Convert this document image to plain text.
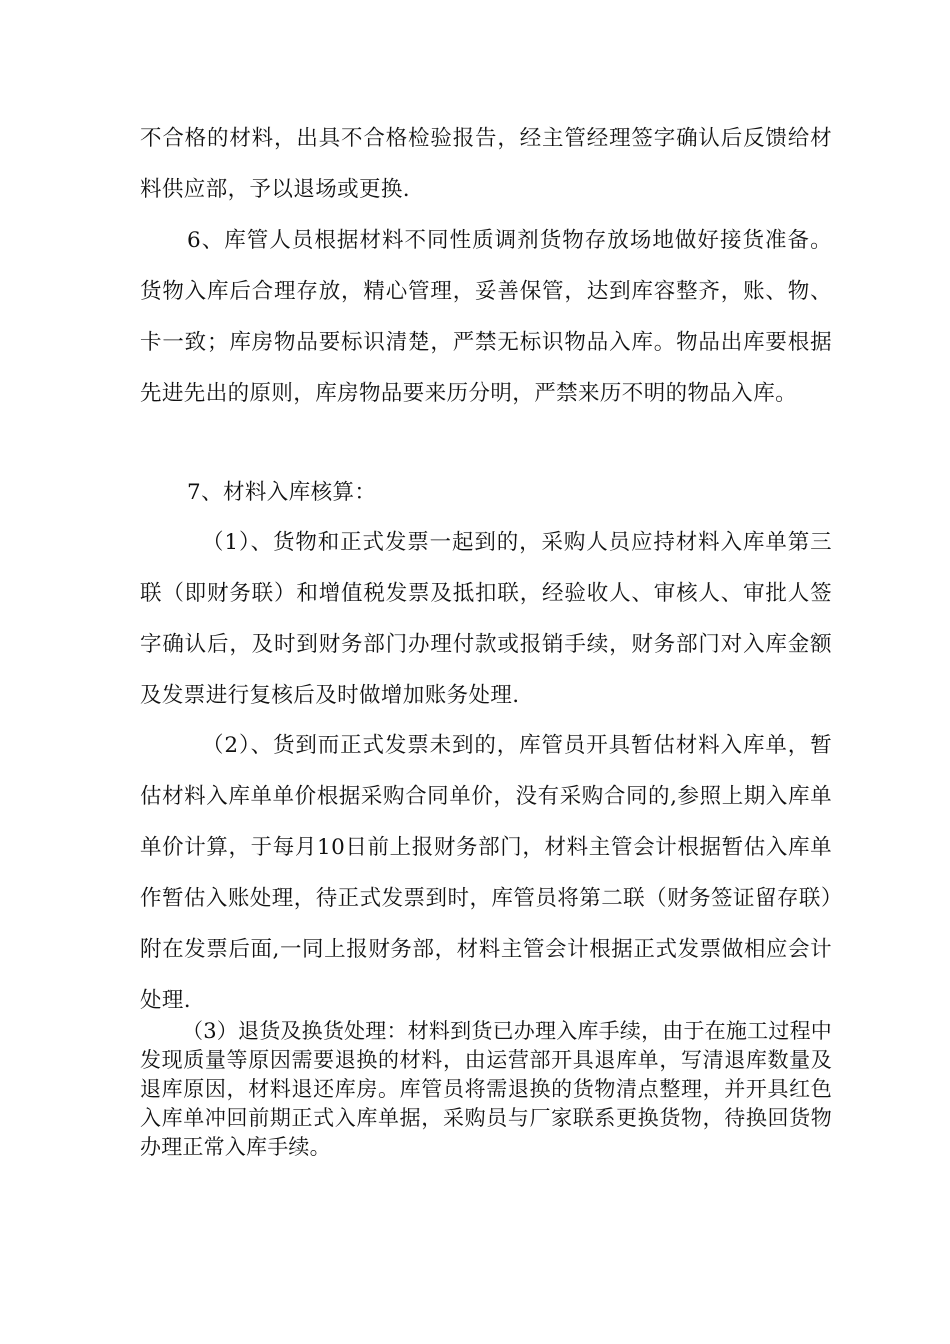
不合格的材料，出具不合格检验报告，经主管经理签字确认后反馈给材料供应部，予以退场或更换.

6、库管人员根据材料不同性质调剂货物存放场地做好接货准备。货物入库后合理存放，精心管理，妥善保管，达到库容整齐，账、物、卡一致；库房物品要标识清楚，严禁无标识物品入库。物品出库要根据先进先出的原则，库房物品要来历分明，严禁来历不明的物品入库。

7、材料入库核算：

（1）、货物和正式发票一起到的，采购人员应持材料入库单第三联（即财务联）和增值税发票及抵扣联，经验收人、审核人、审批人签字确认后，及时到财务部门办理付款或报销手续，财务部门对入库金额及发票进行复核后及时做增加账务处理.

（2）、货到而正式发票未到的，库管员开具暂估材料入库单，暂估材料入库单单价根据采购合同单价，没有采购合同的,参照上期入库单单价计算，于每月10日前上报财务部门，材料主管会计根据暂估入库单作暂估入账处理，待正式发票到时，库管员将第二联（财务签证留存联）附在发票后面,一同上报财务部，材料主管会计根据正式发票做相应会计处理.

（3）退货及换货处理：材料到货已办理入库手续，由于在施工过程中发现质量等原因需要退换的材料，由运营部开具退库单，写清退库数量及退库原因，材料退还库房。库管员将需退换的货物清点整理，并开具红色入库单冲回前期正式入库单据，采购员与厂家联系更换货物，待换回货物办理正常入库手续。
